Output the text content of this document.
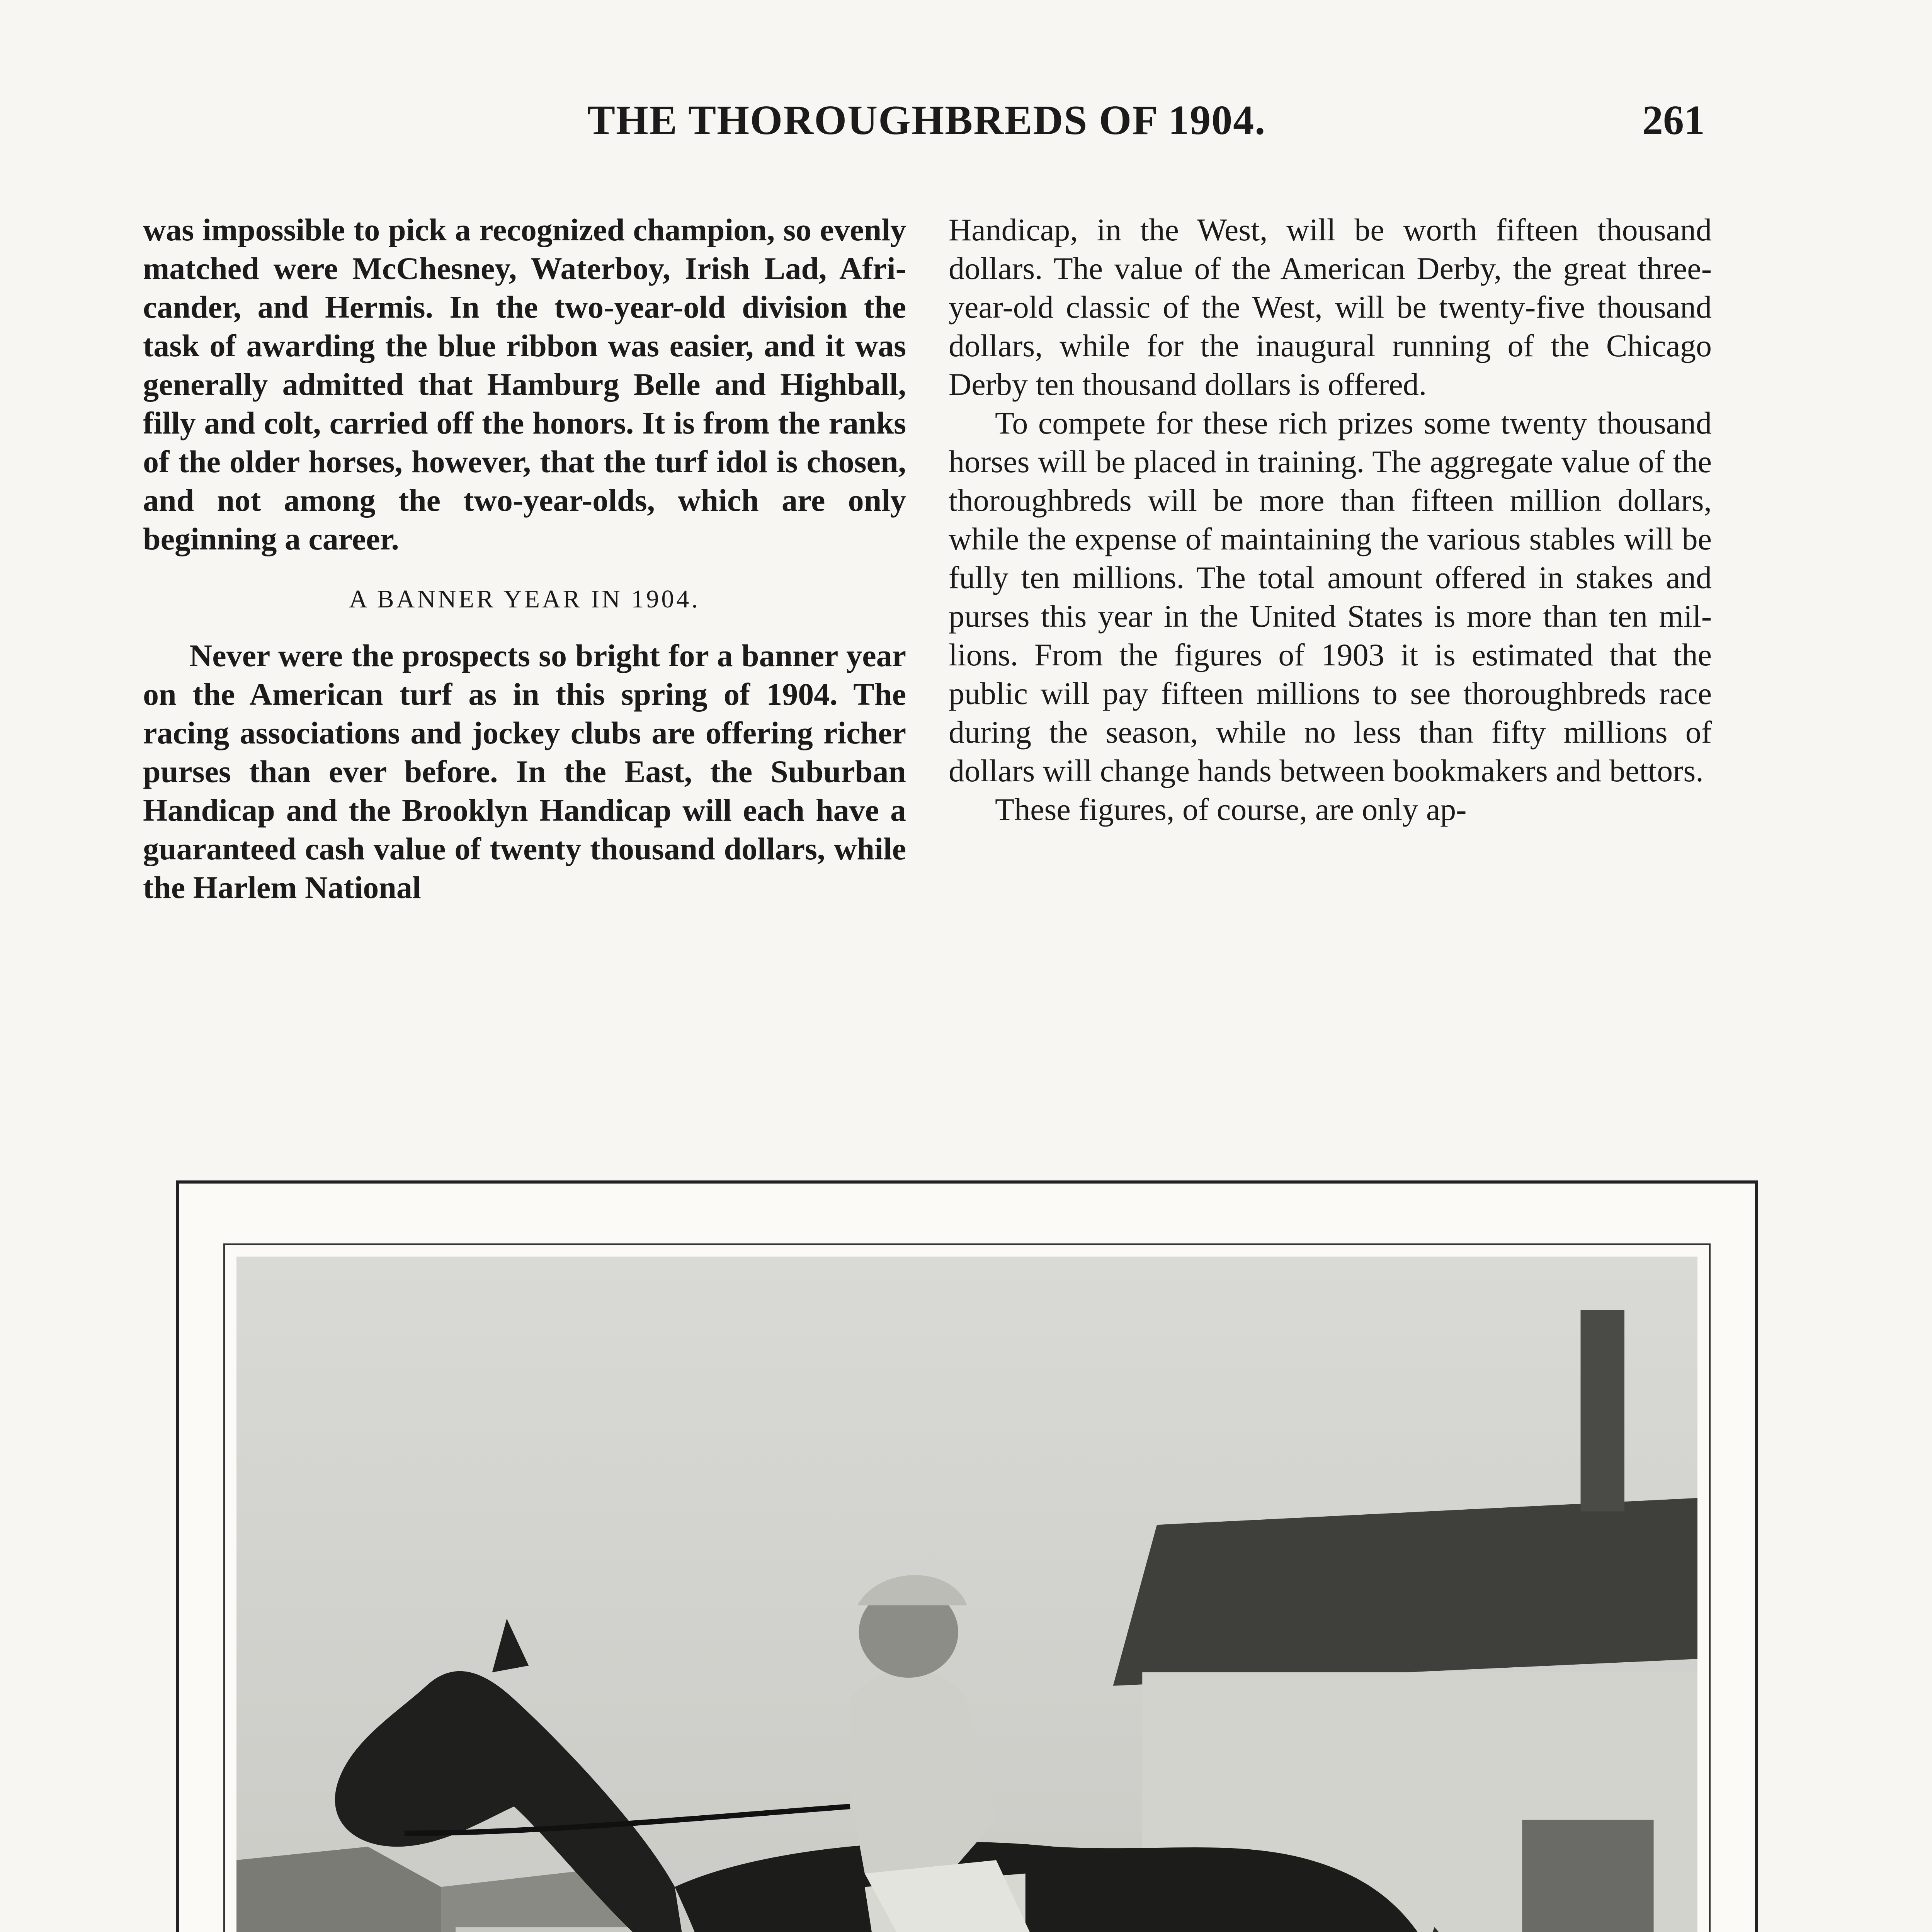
THE THOROUGHBREDS OF 1904.	261

was impossible to pick a recognized champion, so evenly matched were McChesney, Waterboy, Irish Lad, Africander, and Hermis. In the two-year-old division the task of awarding the blue ribbon was easier, and it was generally admitted that Hamburg Belle and Highball, filly and colt, carried off the honors. It is from the ranks of the older horses, however, that the turf idol is chosen, and not among the two-year-olds, which are only beginning a career.

A BANNER YEAR IN 1904.

Never were the prospects so bright for a banner year on the American turf as in this spring of 1904. The racing associations and jockey clubs are offering richer purses than ever before. In the East, the Suburban Handicap and the Brooklyn Handicap will each have a guaranteed cash value of twenty thousand dollars, while the Harlem National

Handicap, in the West, will be worth fifteen thousand dollars. The value of the American Derby, the great three-year-old classic of the West, will be twenty-five thousand dollars, while for the inaugural running of the Chicago Derby ten thousand dollars is offered.

To compete for these rich prizes some twenty thousand horses will be placed in training. The aggregate value of the thoroughbreds will be more than fifteen million dollars, while the expense of maintaining the various stables will be fully ten millions. The total amount offered in stakes and purses this year in the United States is more than ten millions. From the figures of 1903 it is estimated that the public will pay fifteen millions to see thoroughbreds race during the season, while no less than fifty millions of dollars will change hands between bookmakers and bettors.

These figures, of course, are only ap-
